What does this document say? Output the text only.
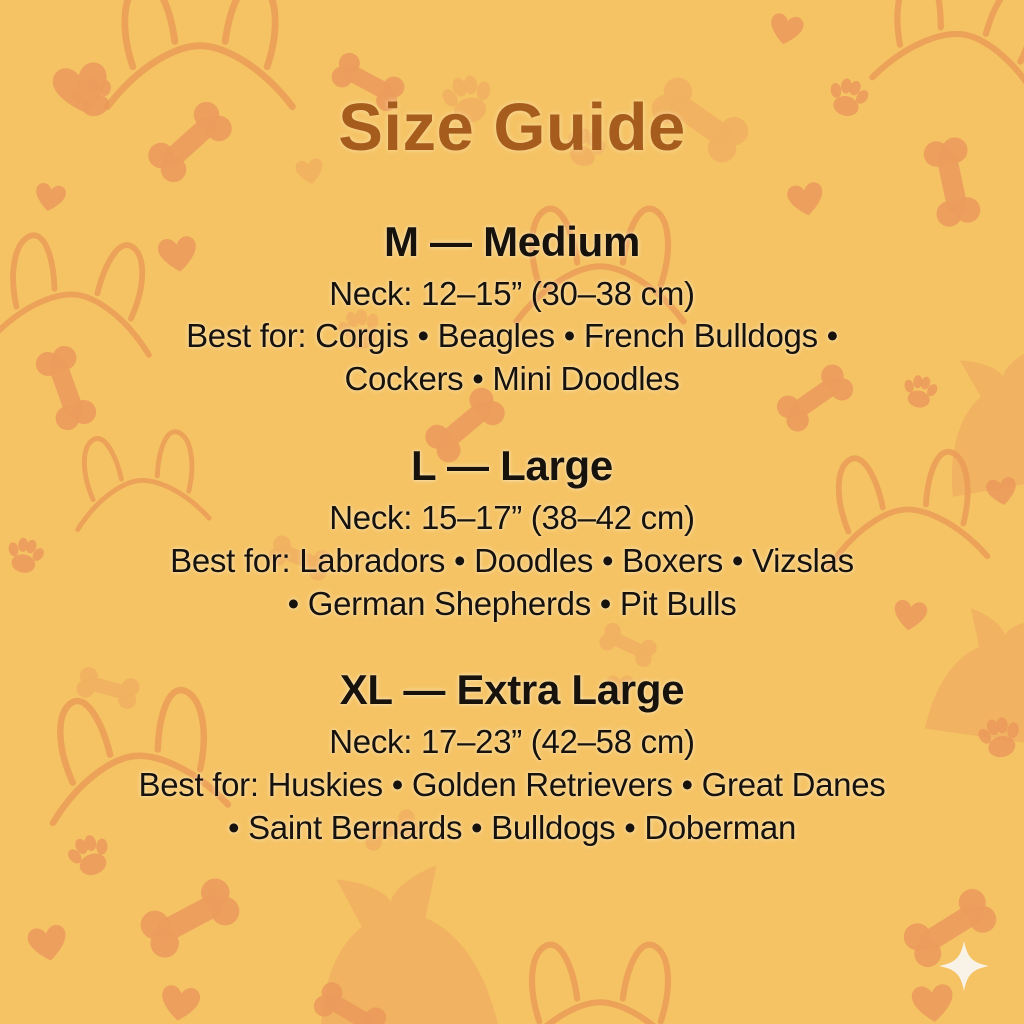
Size Guide
M — Medium

Neck: 12–15” (30–38 cm)

Best for: Corgis • Beagles • French Bulldogs •

Cockers • Mini Doodles

L — Large

Neck: 15–17” (38–42 cm)

Best for: Labradors • Doodles • Boxers • Vizslas

• German Shepherds • Pit Bulls

XL — Extra Large

Neck: 17–23” (42–58 cm)

Best for: Huskies • Golden Retrievers • Great Danes

• Saint Bernards • Bulldogs • Doberman
